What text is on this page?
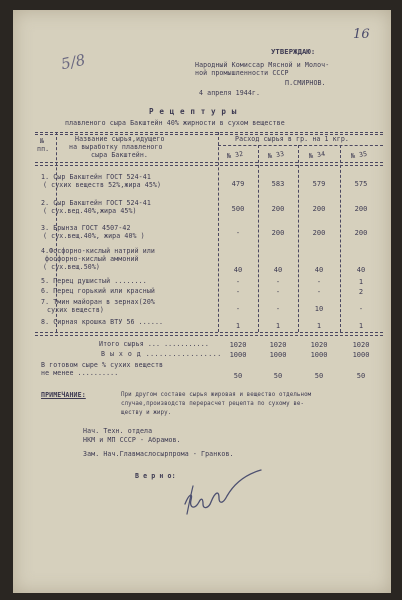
16
5/8	УТВЕРЖДАЮ:
Народный Комиссар Мясной и Молоч-
ной промышленности СССР
П.СМИРНОВ.
4 апреля 1944г.
Р е ц е п т у р ы
плавленого сыра Бакштейн 40% жирности в сухом веществе
№
пп.
Название сырья,идущего
на выработку плавленого
сыра Бакштейн.
Расход сырья в гр. на 1 кгр.
№ 32	№ 33	№ 34	№ 35
1. Сыр Бакштейн ГОСТ 524-41
( сухих веществ 52%,жира 45%)	479	583	579	575
2. Сыр Бакштейн ГОСТ 524-41
( сух.вед.40%,жира 45%)	500	200	200	200
3. Брынза ГОСТ 4507-42
( сух.вещ.40%, жира 40% )	-	200	200	200
4.Фосфорно-кислый натрий или
фосфорно-кислый аммоний
( сух.вещ.50%)	40	40	40	40
5. Перец душистый ........	-	-	-	1
6. Перец горький или красный	-	-	-	2
7. Тмин майоран в зернах(20%
сухих веществ)	-	-	10	-
8. Сирная крошка ВТУ 56 ......	1	1	1	1
Итого сырья ... ...........	1020	1020	1020	1020
В ы х о д .................	1000	1000	1000	1000
В готовом сыре % сухих веществ
не менее ..........	50	50	50	50
ПРИМЕЧАНИЕ:	При другом составе сырья жировая и вещество отдельном
случае,производств перерасчет рецепта по сухому ве-
ществу и жиру.
Нач. Техн. отдела
НКМ и МП СССР - Абрамов.
Зам. Нач.Главмаслосырпрома - Гранков.
В е р н о:
